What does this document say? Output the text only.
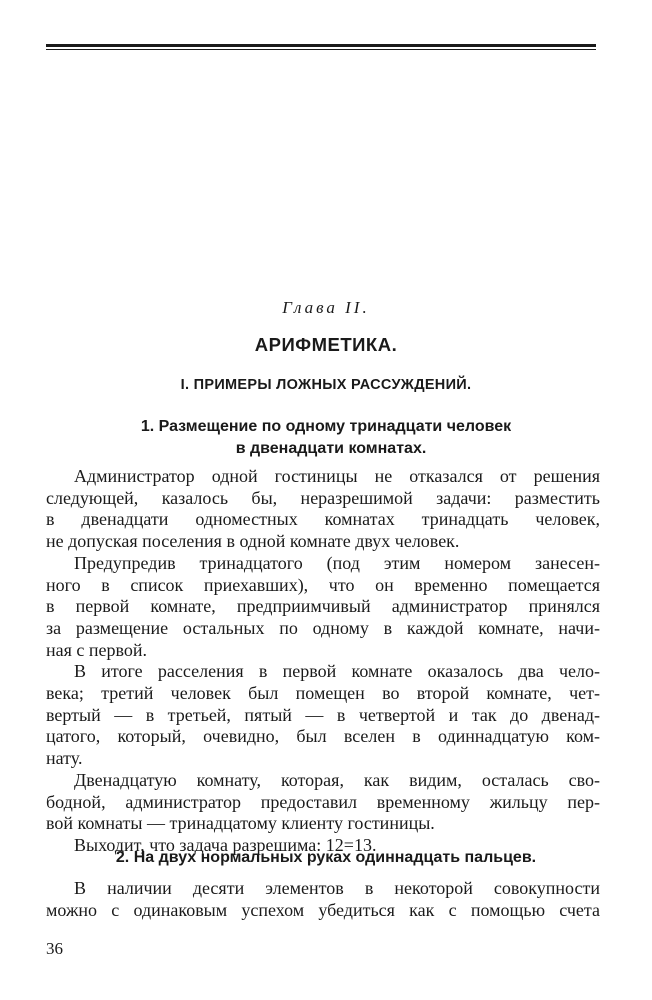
Глава II.
АРИФМЕТИКА.
I. ПРИМЕРЫ ЛОЖНЫХ РАССУЖДЕНИЙ.
1. Размещение по одному тринадцати человек
в двенадцати комнатах.

Администратор одной гостиницы не отказался от решения
следующей, казалось бы, неразрешимой задачи: разместить
в двенадцати одноместных комнатах тринадцать человек,
не допуская поселения в одной комнате двух человек.

Предупредив тринадцатого (под этим номером занесен-
ного в список приехавших), что он временно помещается
в первой комнате, предприимчивый администратор принялся
за размещение остальных по одному в каждой комнате, начи-
ная с первой.

В итоге расселения в первой комнате оказалось два чело-
века; третий человек был помещен во второй комнате, чет-
вертый — в третьей, пятый — в четвертой и так до двенад-
цатого, который, очевидно, был вселен в одиннадцатую ком-
нату.

Двенадцатую комнату, которая, как видим, осталась сво-
бодной, администратор предоставил временному жильцу пер-
вой комнаты — тринадцатому клиенту гостиницы.

Выходит, что задача разрешима: 12=13.

2. На двух нормальных руках одиннадцать пальцев.

В наличии десяти элементов в некоторой совокупности
можно с одинаковым успехом убедиться как с помощью счета

36
